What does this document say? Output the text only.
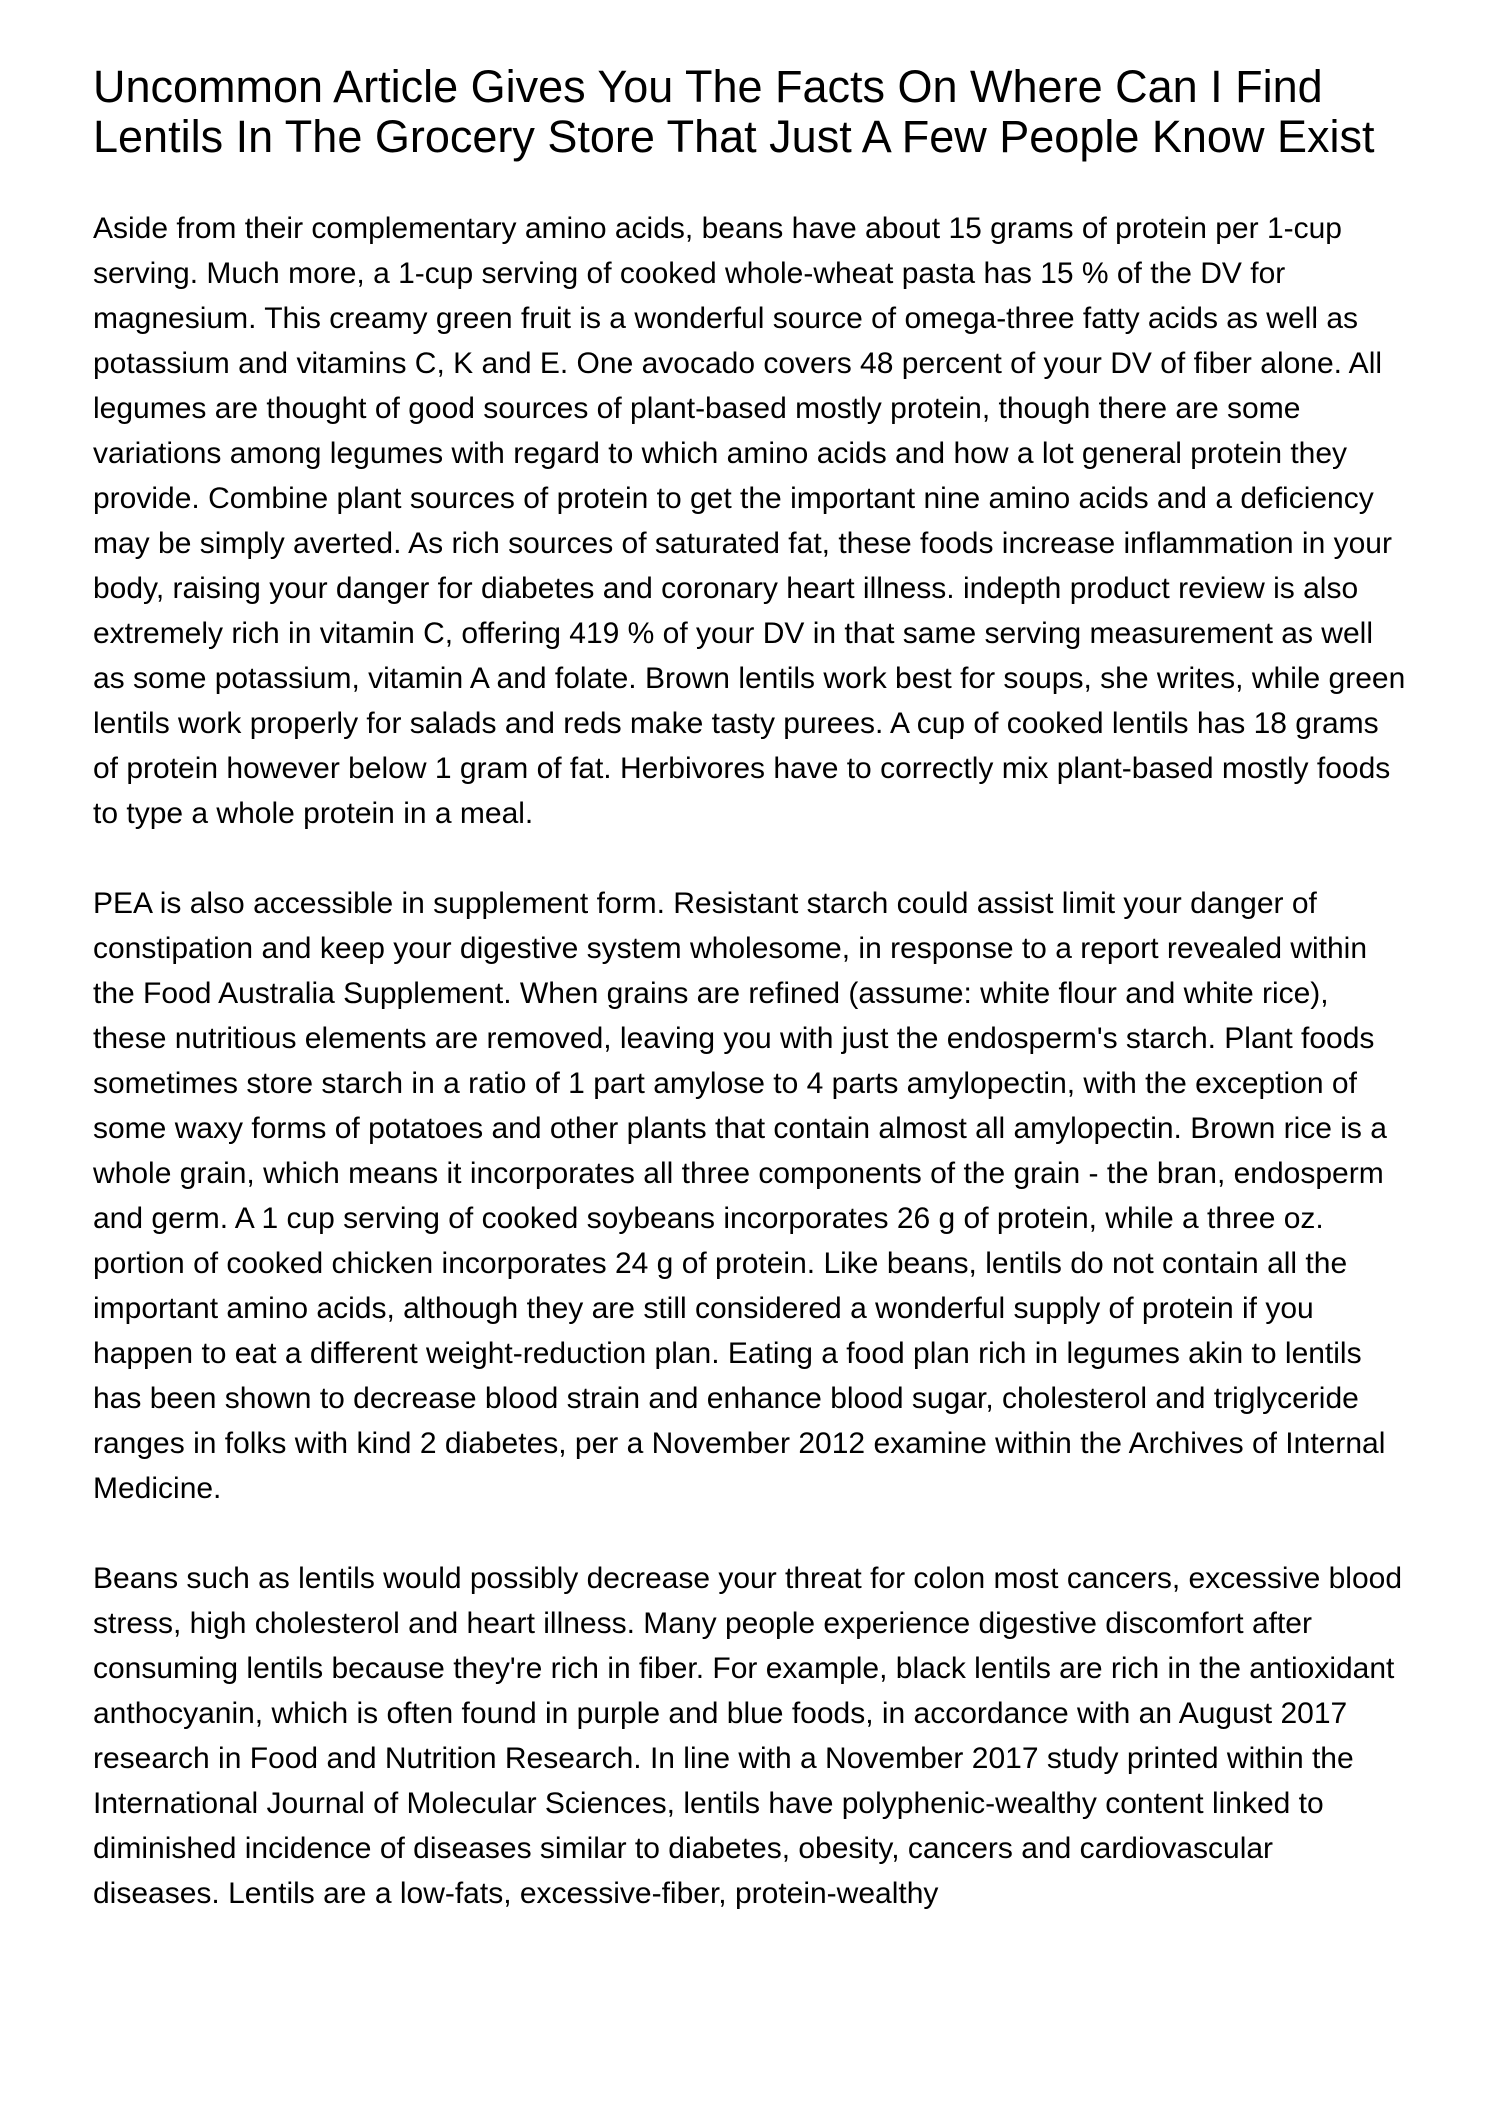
Uncommon Article Gives You The Facts On Where Can I Find Lentils In The Grocery Store That Just A Few People Know Exist

Aside from their complementary amino acids, beans have about 15 grams of protein per 1-cup serving. Much more, a 1-cup serving of cooked whole-wheat pasta has 15 % of the DV for magnesium. This creamy green fruit is a wonderful source of omega-three fatty acids as well as potassium and vitamins C, K and E. One avocado covers 48 percent of your DV of fiber alone. All legumes are thought of good sources of plant-based mostly protein, though there are some variations among legumes with regard to which amino acids and how a lot general protein they provide. Combine plant sources of protein to get the important nine amino acids and a deficiency may be simply averted. As rich sources of saturated fat, these foods increase inflammation in your body, raising your danger for diabetes and coronary heart illness. indepth product review is also extremely rich in vitamin C, offering 419 % of your DV in that same serving measurement as well as some potassium, vitamin A and folate. Brown lentils work best for soups, she writes, while green lentils work properly for salads and reds make tasty purees. A cup of cooked lentils has 18 grams of protein however below 1 gram of fat. Herbivores have to correctly mix plant-based mostly foods to type a whole protein in a meal.

PEA is also accessible in supplement form. Resistant starch could assist limit your danger of constipation and keep your digestive system wholesome, in response to a report revealed within the Food Australia Supplement. When grains are refined (assume: white flour and white rice), these nutritious elements are removed, leaving you with just the endosperm's starch. Plant foods sometimes store starch in a ratio of 1 part amylose to 4 parts amylopectin, with the exception of some waxy forms of potatoes and other plants that contain almost all amylopectin. Brown rice is a whole grain, which means it incorporates all three components of the grain - the bran, endosperm and germ. A 1 cup serving of cooked soybeans incorporates 26 g of protein, while a three oz. portion of cooked chicken incorporates 24 g of protein. Like beans, lentils do not contain all the important amino acids, although they are still considered a wonderful supply of protein if you happen to eat a different weight-reduction plan. Eating a food plan rich in legumes akin to lentils has been shown to decrease blood strain and enhance blood sugar, cholesterol and triglyceride ranges in folks with kind 2 diabetes, per a November 2012 examine within the Archives of Internal Medicine.

Beans such as lentils would possibly decrease your threat for colon most cancers, excessive blood stress, high cholesterol and heart illness. Many people experience digestive discomfort after consuming lentils because they're rich in fiber. For example, black lentils are rich in the antioxidant anthocyanin, which is often found in purple and blue foods, in accordance with an August 2017 research in Food and Nutrition Research. In line with a November 2017 study printed within the International Journal of Molecular Sciences, lentils have polyphenic-wealthy content linked to diminished incidence of diseases similar to diabetes, obesity, cancers and cardiovascular diseases. Lentils are a low-fats, excessive-fiber, protein-wealthy
